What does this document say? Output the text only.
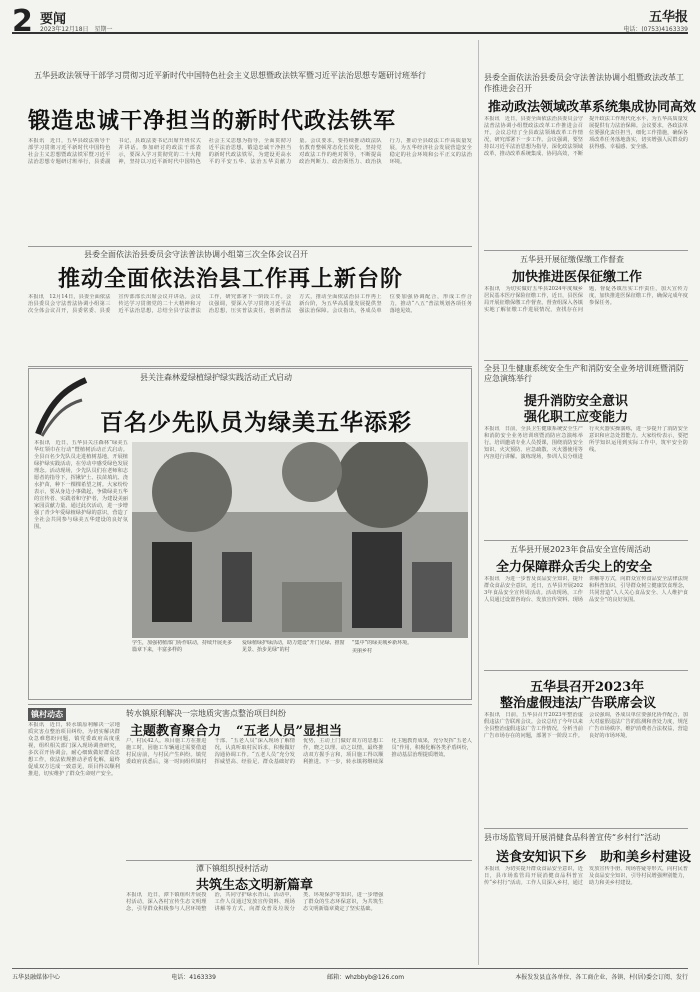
2 要闻
2023年12月18日　星期一
五华报
电话：(0753)4163339
五华县政法领导干部学习贯彻习近平新时代中国特色社会主义思想暨政法铁军暨习近平法治思想专题研讨班举行
锻造忠诚干净担当的新时代政法铁军
本报讯　近日，五华县政法领导干部学习贯彻习近平新时代中国特色社会主义思想暨政法铁军暨习近平法治思想专题研讨班举行，县委副书记、县政法委书记出席开班仪式并讲话。参加研讨的政法干部表示，要深入学习贯彻党的二十大精神，坚持以习近平新时代中国特色社会主义思想为指导，全面贯彻习近平法治思想，锻造忠诚干净担当的新时代政法铁军，为建设更高水平的平安五华、法治五华贡献力量。会议要求，要持续推动政法队伍教育整顿常态化长效化，坚持党对政法工作的绝对领导，不断提高政治判断力、政治领悟力、政治执行力，推动全县政法工作高质量发展，为五华经济社会发展营造安全稳定的社会环境和公平正义的法治环境。
县委全面依法治县委员会守法普法协调小组第三次全体会议召开
推动全面依法治县工作再上新台阶
本报讯　12月14日，县委全面依法治县委员会守法普法协调小组第三次全体会议召开，县委常委、县委宣传部部长出席会议并讲话。会议传达学习贯彻党的二十大精神和习近平法治思想，总结全县守法普法工作，研究部署下一阶段工作。会议强调，要深入学习贯彻习近平法治思想，压实普法责任，创新普法方式，推动全面依法治县工作再上新台阶，为五华高质量发展提供坚强法治保障。会议指出，各成员单位要加强协调配合，形成工作合力，推动“八五”普法规划各项任务落地见效。
县关注森林爱绿植绿护绿实践活动正式启动
百名少先队员为绿美五华添彩
本报讯　近日，五华县关注森林“绿美五华红领巾在行动”暨植树活动正式启动。全县百名少先队员走进植树基地，开展植绿护绿实践活动，在劳动中感受绿色发展理念。活动现场，少先队员们在老师和志愿者的指导下，挥锹铲土、扶苗填坑、浇水护苗，种下一棵棵希望之树。大家纷纷表示，要从身边小事做起，争做绿美五华的宣传者、实践者和守护者，为建设美丽家园贡献力量。通过此次活动，进一步增强了青少年爱绿植绿护绿的意识，营造了全社会共同参与绿美五华建设的良好氛围。
学生，加强初植部门协作联动，持续开展更多篇章下来，丰富多样的
爱绿植绿护绿活动，助力建设“开门见绿、推窗见景、抬步见绿”的村
“集中”的绿美城乡新环境。
美丽乡村
镇村动态
本报讯　近日，转水镇原利解决一宗地质灾害点整治项目纠纷。为切实解决群众急难愁盼问题，镇党委政府高度重视，组织相关部门深入现场调查研究，多次召开协调会，耐心细致做好群众思想工作，依法依规推动矛盾化解，最终促成双方达成一致意见，项目得以顺利推进，切实维护了群众生命财产安全。
转水镇原利解决一宗地质灾害点整治项目纠纷
主题教育聚合力 “五老人员”显担当
户、村民42人。项目施工方在推进施工时，因施工车辆通过需要借道村民房前，与村民产生纠纷。镇党委政府获悉后，第一时间组织镇村干部、“五老人员”深入现场了解情况，认真听取村民诉求，积极做好沟通协调工作。“五老人员”充分发挥威望高、经验足、群众基础好的优势，主动上门做好双方的思想工作，晓之以理、动之以情，最终推动双方握手言和，项目施工得以顺利推进。下一步，转水镇将继续深化主题教育成果，充分发挥“五老人员”作用，积极化解各类矛盾纠纷，推动基层治理提质增效。
潭下镇组织授村活动
共筑生态文明新篇章
本报讯　近日，潭下镇组织开展授村活动，深入各村宣传生态文明理念，引导群众积极参与人居环境整治，共同守护绿水青山。活动中，工作人员通过发放宣传资料、现场讲解等方式，向群众普及垃圾分类、环境保护等知识，进一步增强了群众的生态环保意识，为共筑生态文明新篇章奠定了坚实基础。
县委全面依法治县委员会守法普法协调小组暨政法改革工作推进会召开
推动政法领域改革系统集成协同高效
本报讯　近日，县委全面依法治县委员会守法普法协调小组暨政法改革工作推进会召开。会议总结了全县政法领域改革工作情况，研究部署下一步工作。会议强调，要坚持以习近平法治思想为指导，深化政法领域改革，推动改革系统集成、协同高效，不断提升政法工作现代化水平，为五华高质量发展提供有力法治保障。会议要求，各政法单位要强化责任担当，细化工作措施，确保各项改革任务落地落实，切实增强人民群众的获得感、幸福感、安全感。
五华县开展征缴保缴工作督查
加快推进医保征缴工作
本报讯　为切实做好五华县2024年度城乡居民基本医疗保险征缴工作，近日，县医保局开展征缴保缴工作督查。督查组深入各镇实地了解征缴工作进展情况，查找存在问题，督促各镇压实工作责任，加大宣传力度，加快推进医保征缴工作，确保完成年度参保任务。
全县卫生健康系统安全生产和消防安全业务培训班暨消防应急演练举行
提升消防安全意识
强化职工应变能力
本报讯　日前，全县卫生健康系统安全生产和消防安全业务培训班暨消防应急演练举行。培训邀请专业人员授课，围绕消防安全知识、火灾预防、应急疏散、灭火器使用等内容进行讲解。演练现场，参训人员分组进行灭火器实操演练，进一步提升了消防安全意识和应急处置能力。大家纷纷表示，要把所学知识运用到实际工作中，筑牢安全防线。
五华县开展2023年食品安全宣传周活动
全力保障群众舌尖上的安全
本报讯　为进一步普及食品安全知识，提升群众食品安全意识，近日，五华县开展2023年食品安全宣传周活动。活动现场，工作人员通过设置咨询台、发放宣传资料、现场讲解等方式，向群众宣传食品安全法律法规和科普知识，引导群众树立健康饮食理念，共同营造“人人关心食品安全、人人维护食品安全”的良好氛围。
五华县召开2023年
整治虚假违法广告联席会议
本报讯　日前，五华县召开2023年整治虚假违法广告联席会议。会议总结了今年以来全县整治虚假违法广告工作情况，分析当前广告市场存在的问题，部署下一阶段工作。会议强调，各成员单位要强化协作配合，加大对虚假违法广告的监测和查处力度，规范广告市场秩序，维护消费者合法权益，营造良好的市场环境。
县市场监管局开展消健食品科普宣传“乡村行”活动
送食安知识下乡　助和美乡村建设
本报讯　为切实提升群众食品安全意识，近日，县市场监管局开展消健食品科普宣传“乡村行”活动。工作人员深入乡村，通过发放宣传手册、现场答疑等形式，向村民普及食品安全知识，引导村民增强辨别能力，助力和美乡村建设。
五华县融媒体中心	电话：4163339	邮箱：whzbbyb@126.com	本报发发县直各单位、各工商企业、各镇、村(居)委会订阅、发行
